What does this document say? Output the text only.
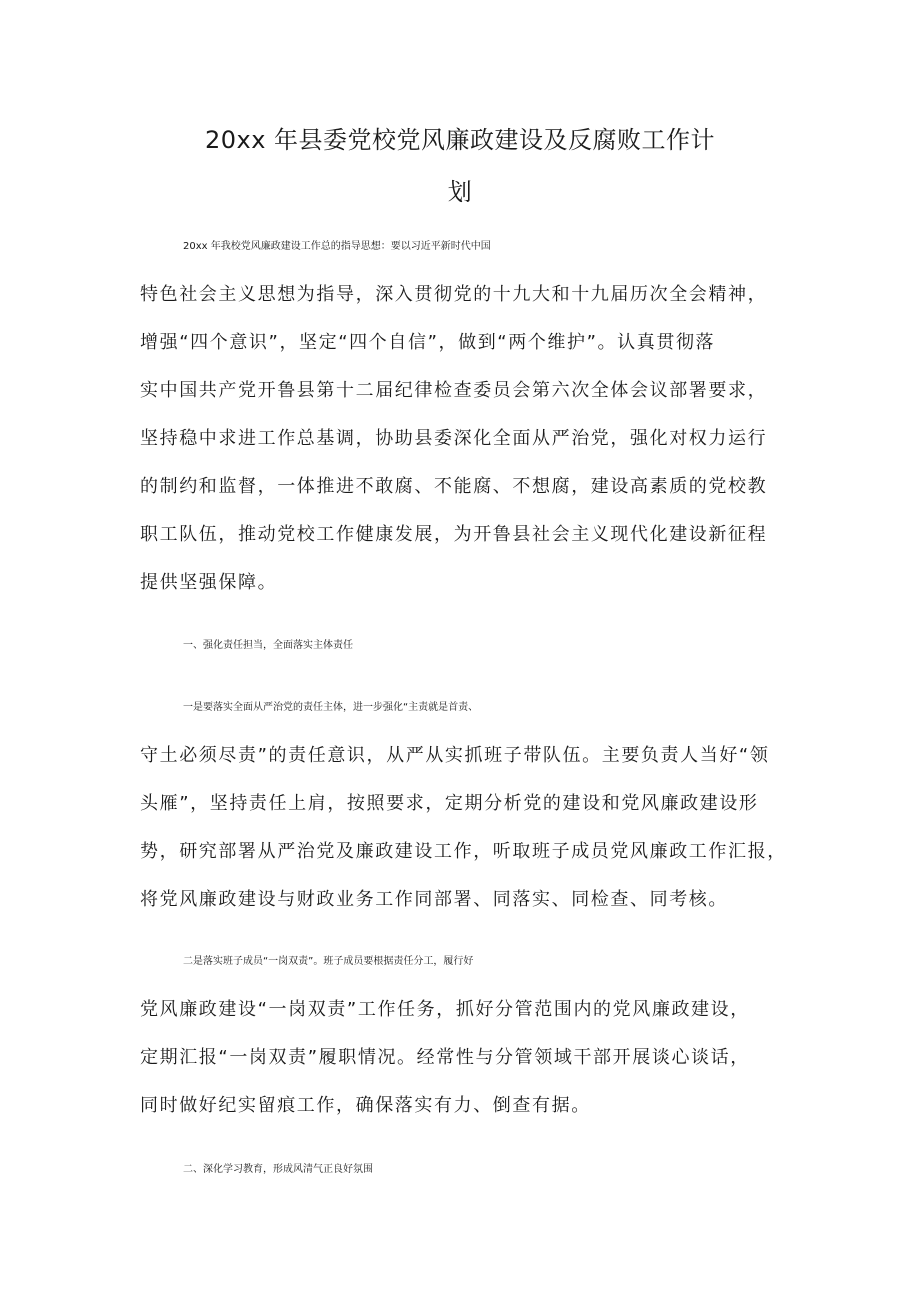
20xx 年县委党校党风廉政建设及反腐败工作计
划
20xx 年我校党风廉政建设工作总的指导思想：要以习近平新时代中国
特色社会主义思想为指导，深入贯彻党的十九大和十九届历次全会精神，
增强“四个意识”，坚定“四个自信”，做到“两个维护”。认真贯彻落
实中国共产党开鲁县第十二届纪律检查委员会第六次全体会议部署要求，
坚持稳中求进工作总基调，协助县委深化全面从严治党，强化对权力运行
的制约和监督，一体推进不敢腐、不能腐、不想腐，建设高素质的党校教
职工队伍，推动党校工作健康发展，为开鲁县社会主义现代化建设新征程
提供坚强保障。
一、强化责任担当，全面落实主体责任
一是要落实全面从严治党的责任主体，进一步强化“主责就是首责、
守土必须尽责”的责任意识，从严从实抓班子带队伍。主要负责人当好“领
头雁”，坚持责任上肩，按照要求，定期分析党的建设和党风廉政建设形
势，研究部署从严治党及廉政建设工作，听取班子成员党风廉政工作汇报，
将党风廉政建设与财政业务工作同部署、同落实、同检查、同考核。
二是落实班子成员“一岗双责”。班子成员要根据责任分工，履行好
党风廉政建设“一岗双责”工作任务，抓好分管范围内的党风廉政建设，
定期汇报“一岗双责”履职情况。经常性与分管领域干部开展谈心谈话，
同时做好纪实留痕工作，确保落实有力、倒查有据。
二、深化学习教育，形成风清气正良好氛围
